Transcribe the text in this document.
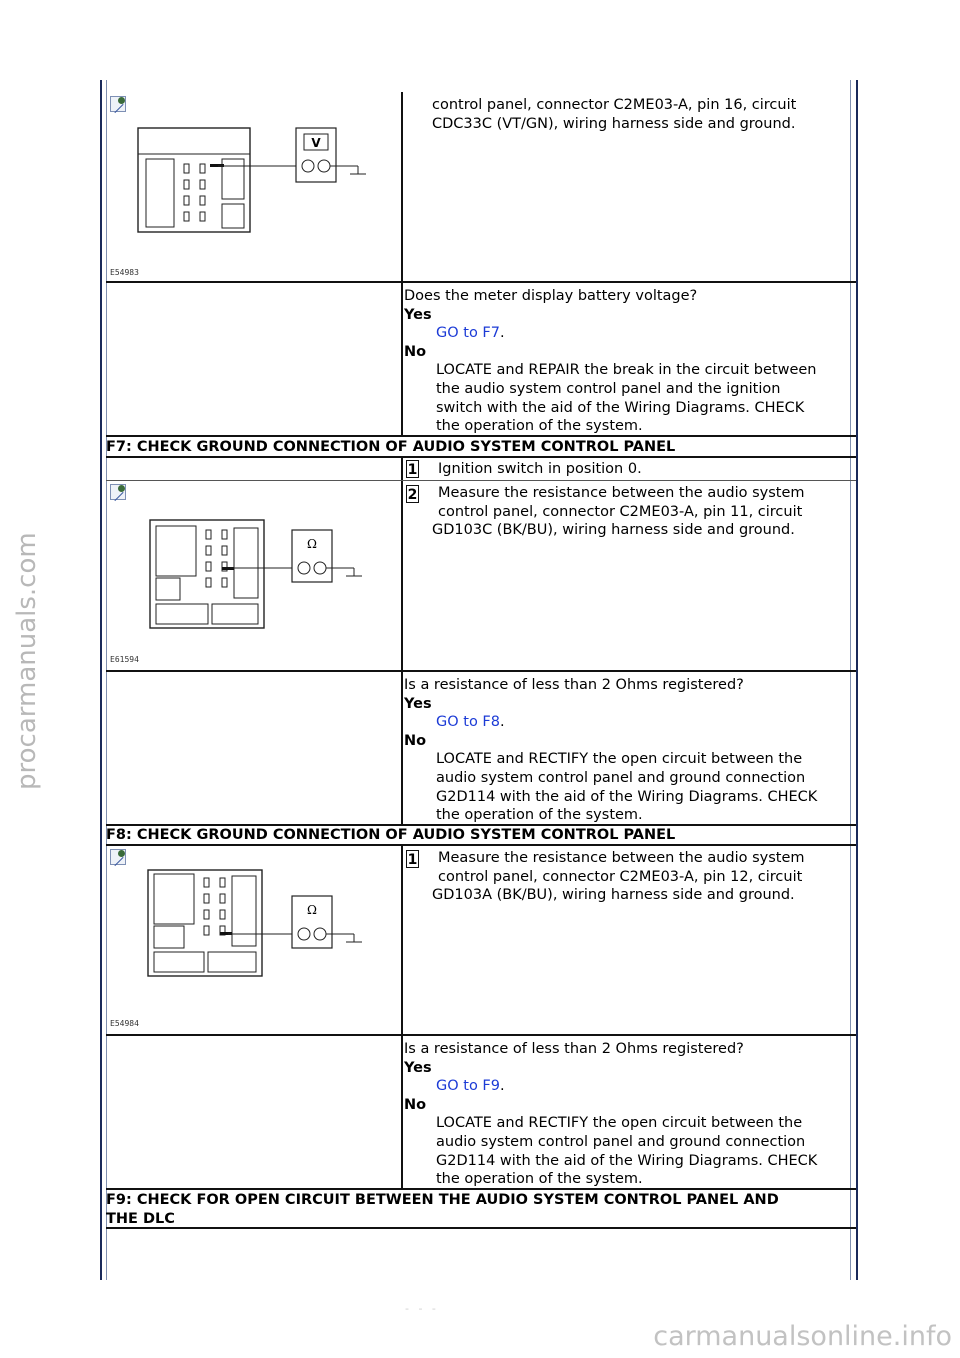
procarmanuals.com
carmanualsonline.info
- - -
V
E54983
control panel, connector C2ME03-A, pin 16, circuit
CDC33C (VT/GN), wiring harness side and ground.
Does the meter display battery voltage?
Yes
GO to F7.
No
LOCATE and REPAIR the break in the circuit between
the audio system control panel and the ignition
switch with the aid of the Wiring Diagrams. CHECK
the operation of the system.
F7: CHECK GROUND CONNECTION OF AUDIO SYSTEM CONTROL PANEL
1 Ignition switch in position 0.
Ω
E61594
2 Measure the resistance between the audio system
control panel, connector C2ME03-A, pin 11, circuit
GD103C (BK/BU), wiring harness side and ground.
Is a resistance of less than 2 Ohms registered?
Yes
GO to F8.
No
LOCATE and RECTIFY the open circuit between the
audio system control panel and ground connection
G2D114 with the aid of the Wiring Diagrams. CHECK
the operation of the system.
F8: CHECK GROUND CONNECTION OF AUDIO SYSTEM CONTROL PANEL
Ω
E54984
1 Measure the resistance between the audio system
control panel, connector C2ME03-A, pin 12, circuit
GD103A (BK/BU), wiring harness side and ground.
Is a resistance of less than 2 Ohms registered?
Yes
GO to F9.
No
LOCATE and RECTIFY the open circuit between the
audio system control panel and ground connection
G2D114 with the aid of the Wiring Diagrams. CHECK
the operation of the system.
F9: CHECK FOR OPEN CIRCUIT BETWEEN THE AUDIO SYSTEM CONTROL PANEL AND
THE DLC
